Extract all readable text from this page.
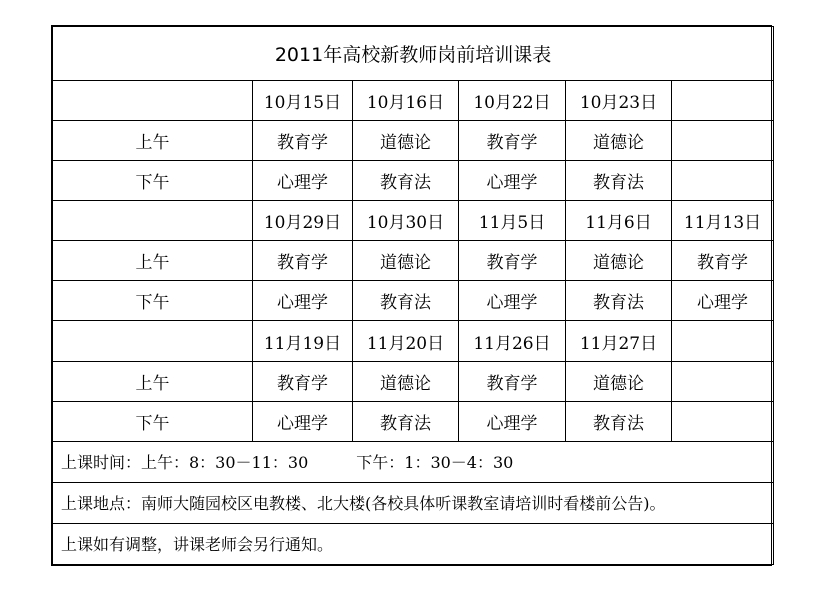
2011年高校新教师岗前培训课表					
	10月15日	10月16日	10月22日	10月23日	
上午	教育学	道德论	教育学	道德论	
下午	心理学	教育法	心理学	教育法	
	10月29日	10月30日	11月5日	11月6日	11月13日
上午	教育学	道德论	教育学	道德论	教育学
下午	心理学	教育法	心理学	教育法	心理学
	11月19日	11月20日	11月26日	11月27日	
上午	教育学	道德论	教育学	道德论	
下午	心理学	教育法	心理学	教育法	
上课时间：上午：8：30－11：30　　　下午：1：30－4：30					
上课地点：南师大随园校区电教楼、北大楼(各校具体听课教室请培训时看楼前公告)。					
上课如有调整，讲课老师会另行通知。					
